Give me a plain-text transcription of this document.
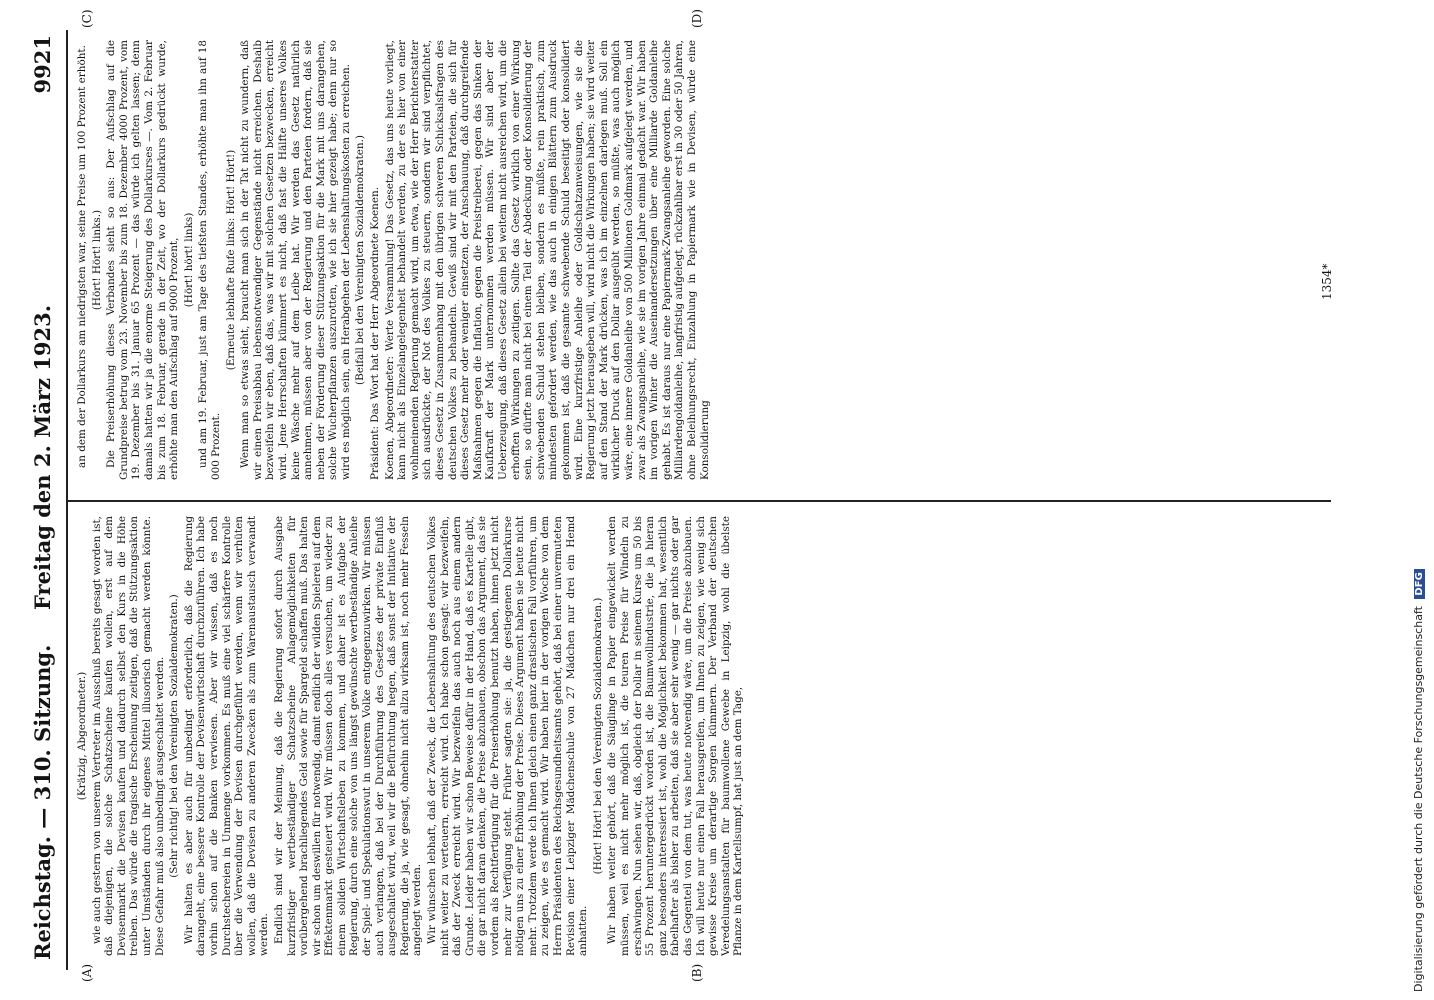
Reichstag. — 310. Sitzung.
Freitag den 2. März 1923.
9921
(A)	(B)
(C)	(D)

(Krätzig, Abgeordneter.) wie auch gestern von unserem Vertreter im Ausschuß bereits gesagt worden ist, daß diejenigen, die solche Schatzscheine kaufen wollen, erst auf dem Devisenmarkt die Devisen kaufen und dadurch selbst den Kurs in die Höhe treiben. Das würde die tragische Erscheinung zeitigen, daß die Stützungsaktion unter Umständen durch ihr eigenes Mittel illusorisch gemacht werden könnte. Diese Gefahr muß also unbedingt ausgeschaltet werden. (Sehr richtig! bei den Vereinigten Sozialdemokraten.) Wir halten es aber auch für unbedingt erforderlich, daß die Regierung darangeht, eine bessere Kontrolle der Devisenwirtschaft durchzuführen. Ich habe vorhin schon auf die Banken verwiesen. Aber wir wissen, daß es noch Durchstechereien in Unmenge vorkommen. Es muß eine viel schärfere Kontrolle über die Verwendung der Devisen durchgeführt werden, wenn wir verhüten wollen, daß die Devisen zu anderen Zwecken als zum Warenaustausch verwandt werden. Endlich sind wir der Meinung, daß die Regierung sofort durch Ausgabe kurzfristiger wertbeständiger Schatzscheine Anlagemöglichkeiten für vorübergehend brachliegendes Geld sowie für Spargeld schaffen muß. Das halten wir schon um deswillen für notwendig, damit endlich der wilden Spielerei auf dem Effektenmarkt gesteuert wird. Wir müssen doch alles versuchen, um wieder zu einem soliden Wirtschaftsleben zu kommen, und daher ist es Aufgabe der Regierung, durch eine solche von uns längst gewünschte wertbeständige Anleihe der Spiel- und Spekulationswut in unserem Volke entgegenzuwirken. Wir müssen auch verlangen, daß bei der Durchführung des Gesetzes der private Einfluß ausgeschaltet wird, weil wir die Befürchtung hegen, daß sonst der Initiative der Regierung, die ja, wie gesagt, ohnehin nicht allzu wirksam ist, noch mehr Fesseln angelegt werden. Wir wünschen lebhaft, daß der Zweck, die Lebenshaltung des deutschen Volkes nicht weiter zu verteuern, erreicht wird. Ich habe schon gesagt: wir bezweifeln, daß der Zweck erreicht wird. Wir bezweifeln das auch noch aus einem andern Grunde. Leider haben wir schon Beweise dafür in der Hand, daß es Kartelle gibt, die gar nicht daran denken, die Preise abzubauen, obschon das Argument, das sie vordem als Rechtfertigung für die Preiserhöhung benutzt haben, ihnen jetzt nicht mehr zur Verfügung steht. Früher sagten sie: ja, die gestiegenen Dollarkurse nötigen uns zu einer Erhöhung der Preise. Dieses Argument haben sie heute nicht mehr. Trotzdem werde ich Ihnen gleich einen ganz drastischen Fall vorführen, um zu zeigen, wie es gemacht wird. Wir haben hier in der vorigen Woche von dem Herrn Präsidenten des Reichsgesundheitsamts gehört, daß bei einer unvermuteten Revision einer Leipziger Mädchenschule von 27 Mädchen nur drei ein Hemd anhatten.

(Hört! Hört! bei den Vereinigten Sozialdemokraten.) Wir haben weiter gehört, daß die Säuglinge in Papier eingewickelt werden müssen, weil es nicht mehr möglich ist, die teuren Preise für Windeln zu erschwingen. Nun sehen wir, daß, obgleich der Dollar in seinem Kurse um 50 bis 55 Prozent heruntergedrückt worden ist, die Baumwollindustrie, die ja hieran ganz besonders interessiert ist, wohl die Möglichkeit bekommen hat, wesentlich fabelhafter als bisher zu arbeiten, daß sie aber sehr wenig — gar nichts oder gar das Gegenteil von dem tut, was heute notwendig wäre, um die Preise abzubauen. Ich will heute nur einen Fall herausgreifen, um Ihnen zu zeigen, wie wenig sich gewisse Kreise um derartige Sorgen kümmern. Der Verband der deutschen Veredelungsanstalten für baumwollene Gewebe in Leipzig, wohl die übelste Pflanze in dem Kartellsumpf, hat just an dem Tage,

an dem der Dollarkurs am niedrigsten war, seine Preise um 100 Prozent erhöht. (Hört! Hört! links.) Die Preiserhöhung dieses Verbandes sieht so aus: Der Aufschlag auf die Grundpreise betrug vom 23. November bis zum 18. Dezember 4000 Prozent, vom 19. Dezember bis 31. Januar 65 Prozent — das würde ich gelten lassen; denn damals hatten wir ja die enorme Steigerung des Dollarkurses —. Vom 2. Februar bis zum 18. Februar, gerade in der Zeit, wo der Dollarkurs gedrückt wurde, erhöhte man den Aufschlag auf 9000 Prozent, (Hört! hört! links) und am 19. Februar, just am Tage des tiefsten Standes, erhöhte man ihn auf 18 000 Prozent.

(Erneute lebhafte Rufe links: Hört! Hört!) Wenn man so etwas sieht, braucht man sich in der Tat nicht zu wundern, daß wir einen Preisabbau lebensnotwendiger Gegenstände nicht erreichen. Deshalb bezweifeln wir eben, daß das, was wir mit solchen Gesetzen bezwecken, erreicht wird. Jene Herrschaften kümmert es nicht, daß fast die Hälfte unseres Volkes keine Wäsche mehr auf dem Leibe hat. Wir werden das Gesetz natürlich annehmen, müssen aber von der Regierung und den Parteien fordern, daß sie neben der Förderung dieser Stützungsaktion für die Mark mit uns darangehen, solche Wucherpflanzen auszurotten, wie ich sie hier gezeigt habe; denn nur so wird es möglich sein, ein Herabgehen der Lebenshaltungskosten zu erreichen. (Beifall bei den Vereinigten Sozialdemokraten.) Präsident: Das Wort hat der Herr Abgeordnete Koenen. Koenen, Abgeordneter: Werte Versammlung! Das Gesetz, das uns heute vorliegt, kann nicht als Einzelangelegenheit behandelt werden, zu der es hier von einer wohlmeinenden Regierung gemacht wird, um etwa, wie der Herr Berichterstatter sich ausdrückte, der Not des Volkes zu steuern, sondern wir sind verpflichtet, dieses Gesetz in Zusammenhang mit den übrigen schweren Schicksalsfragen des deutschen Volkes zu behandeln. Gewiß sind wir mit den Parteien, die sich für dieses Gesetz mehr oder weniger einsetzen, der Anschauung, daß durchgreifende Maßnahmen gegen die Inflation, gegen die Preistreiberei, gegen das Sinken der Kaufkraft der Mark unternommen werden müssen. Wir sind aber der Ueberzeugung, daß dieses Gesetz allein bei weitem nicht ausreichen wird, um die erhofften Wirkungen zu zeitigen. Sollte das Gesetz wirklich von einer Wirkung sein, so dürfte man nicht bei einem Teil der Abdeckung oder Konsolidierung der schwebenden Schuld stehen bleiben, sondern es müßte, rein praktisch, zum mindesten gefordert werden, wie das auch in einigen Blättern zum Ausdruck gekommen ist, daß die gesamte schwebende Schuld beseitigt oder konsolidiert wird. Eine kurzfristige Anleihe oder Goldschatzanweisungen, wie sie die Regierung jetzt herausgeben will, wird nicht die Wirkungen haben; sie wird weiter auf den Stand der Mark drücken, was ich im einzelnen darlegen muß. Soll ein wirklicher Druck auf den Dollar ausgeübt werden, so müßte, was auch möglich wäre, eine innere Goldanleihe von 500 Millionen Goldmark aufgelegt werden, und zwar als Zwangsanleihe, wie sie im vorigen Jahre einmal gedacht war. Wir haben im vorigen Winter die Auseinandersetzungen über eine Milliarde Goldanleihe gehabt. Es ist daraus nur eine Papiermark-Zwangsanleihe geworden. Eine solche Milliardengoldanleihe, langfristig aufgelegt, rückzahlbar erst in 30 oder 50 Jahren, ohne Beleihungsrecht, Einzahlung in Papiermark wie in Devisen, würde eine Konsolidierung

1354*
Digitalisierung gefördert durch die Deutsche Forschungsgemeinschaft DFG
